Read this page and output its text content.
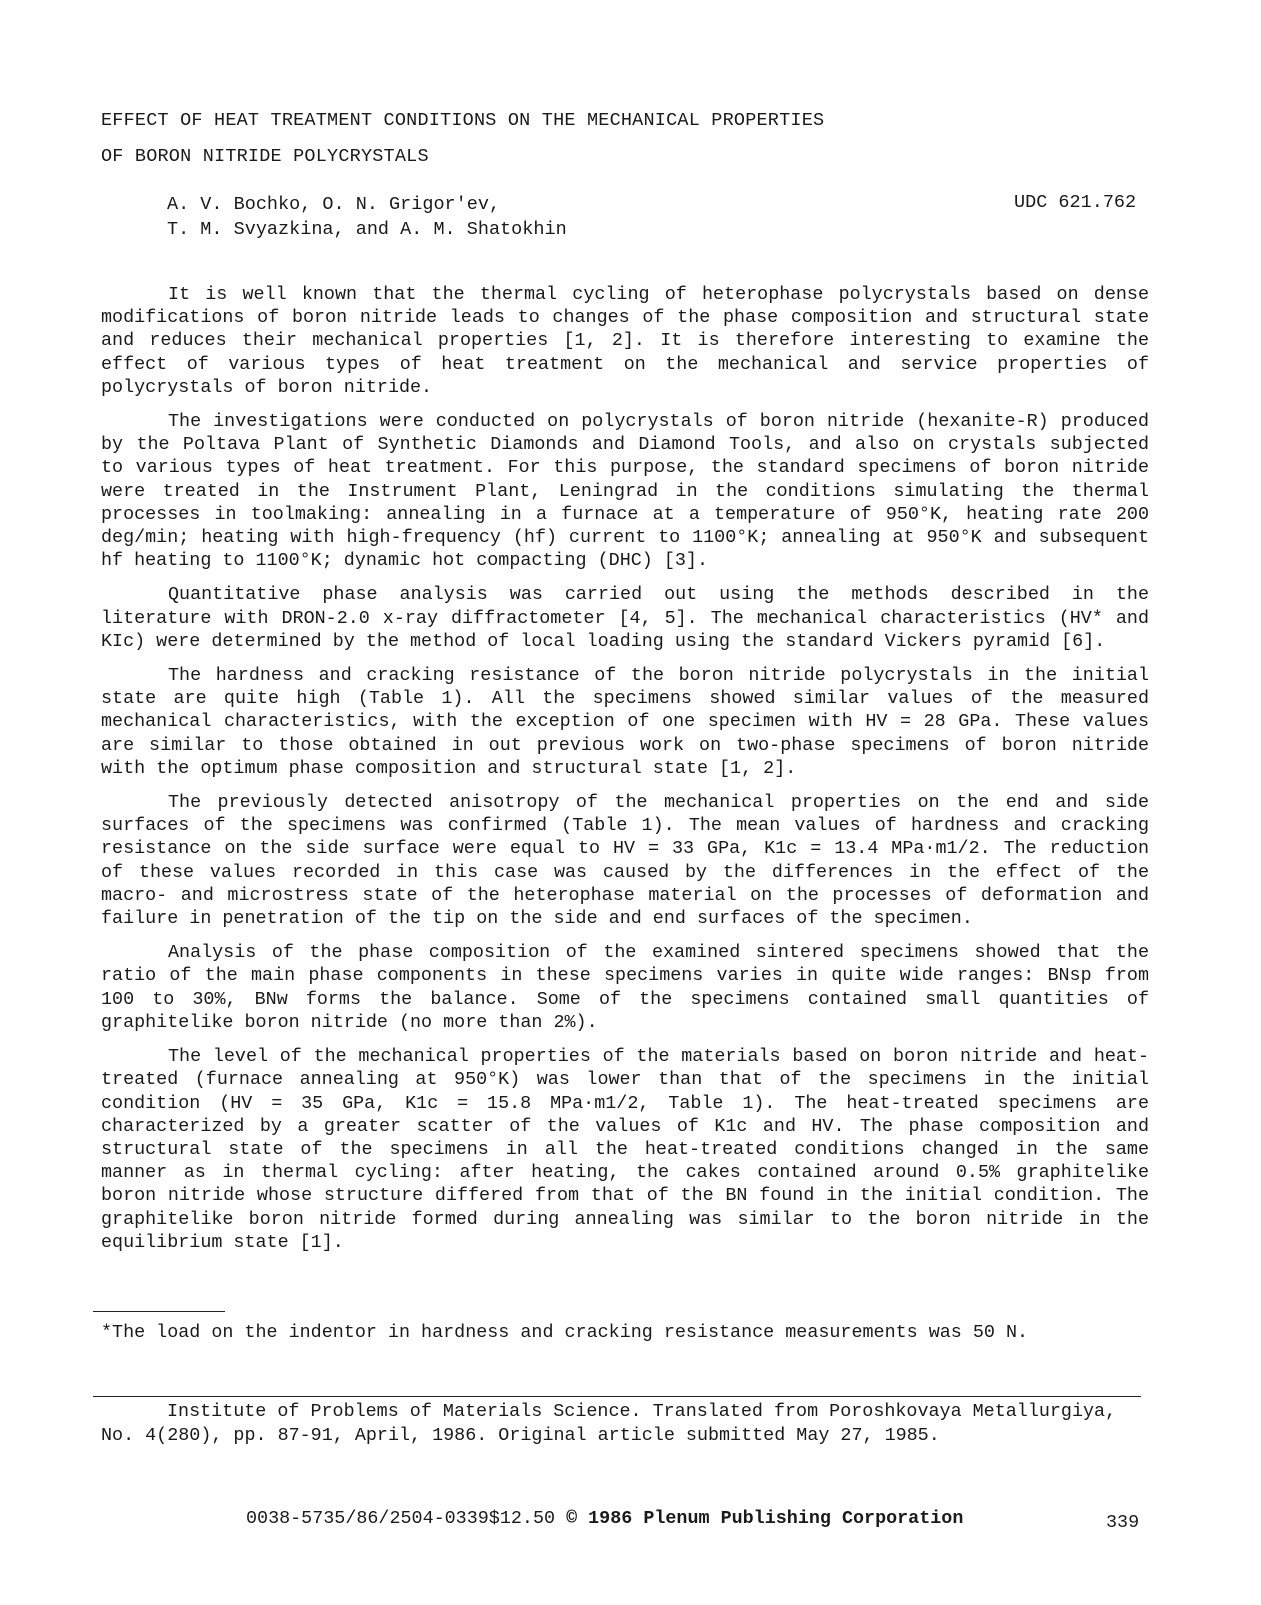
EFFECT OF HEAT TREATMENT CONDITIONS ON THE MECHANICAL PROPERTIES
OF BORON NITRIDE POLYCRYSTALS
A. V. Bochko, O. N. Grigor'ev,
T. M. Svyazkina, and A. M. Shatokhin
UDC 621.762

It is well known that the thermal cycling of heterophase polycrystals based on dense modifications of boron nitride leads to changes of the phase composition and structural state and reduces their mechanical properties [1, 2]. It is therefore interesting to examine the effect of various types of heat treatment on the mechanical and service properties of polycrystals of boron nitride.

The investigations were conducted on polycrystals of boron nitride (hexanite-R) produced by the Poltava Plant of Synthetic Diamonds and Diamond Tools, and also on crystals subjected to various types of heat treatment. For this purpose, the standard specimens of boron nitride were treated in the Instrument Plant, Leningrad in the conditions simulating the thermal processes in toolmaking: annealing in a furnace at a temperature of 950°K, heating rate 200 deg/min; heating with high-frequency (hf) current to 1100°K; annealing at 950°K and subsequent hf heating to 1100°K; dynamic hot compacting (DHC) [3].

Quantitative phase analysis was carried out using the methods described in the literature with DRON-2.0 x-ray diffractometer [4, 5]. The mechanical characteristics (HV* and KIc) were determined by the method of local loading using the standard Vickers pyramid [6].

The hardness and cracking resistance of the boron nitride polycrystals in the initial state are quite high (Table 1). All the specimens showed similar values of the measured mechanical characteristics, with the exception of one specimen with HV = 28 GPa. These values are similar to those obtained in out previous work on two-phase specimens of boron nitride with the optimum phase composition and structural state [1, 2].

The previously detected anisotropy of the mechanical properties on the end and side surfaces of the specimens was confirmed (Table 1). The mean values of hardness and cracking resistance on the side surface were equal to HV = 33 GPa, K1c = 13.4 MPa·m1/2. The reduction of these values recorded in this case was caused by the differences in the effect of the macro- and microstress state of the heterophase material on the processes of deformation and failure in penetration of the tip on the side and end surfaces of the specimen.

Analysis of the phase composition of the examined sintered specimens showed that the ratio of the main phase components in these specimens varies in quite wide ranges: BNsp from 100 to 30%, BNw forms the balance. Some of the specimens contained small quantities of graphitelike boron nitride (no more than 2%).

The level of the mechanical properties of the materials based on boron nitride and heat-treated (furnace annealing at 950°K) was lower than that of the specimens in the initial condition (HV = 35 GPa, K1c = 15.8 MPa·m1/2, Table 1). The heat-treated specimens are characterized by a greater scatter of the values of K1c and HV. The phase composition and structural state of the specimens in all the heat-treated conditions changed in the same manner as in thermal cycling: after heating, the cakes contained around 0.5% graphitelike boron nitride whose structure differed from that of the BN found in the initial condition. The graphitelike boron nitride formed during annealing was similar to the boron nitride in the equilibrium state [1].

*The load on the indentor in hardness and cracking resistance measurements was 50 N.

Institute of Problems of Materials Science. Translated from Poroshkovaya Metallurgiya, No. 4(280), pp. 87-91, April, 1986. Original article submitted May 27, 1985.

0038-5735/86/2504-0339$12.50 © 1986 Plenum Publishing Corporation	339
